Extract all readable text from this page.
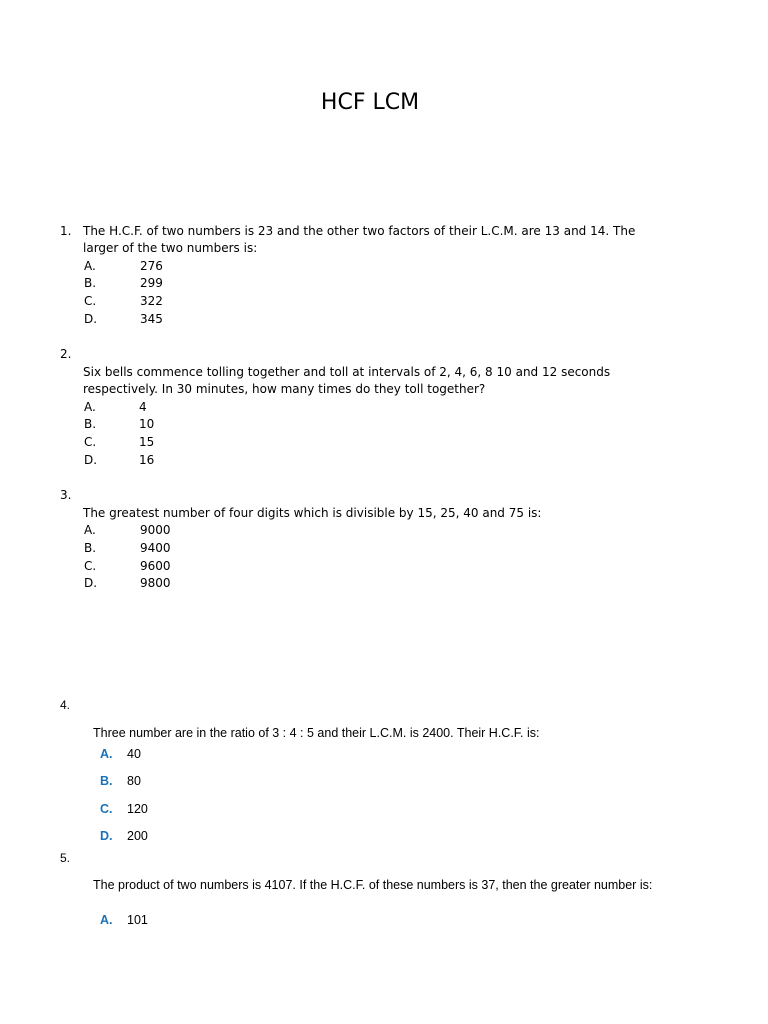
HCF LCM
1. The H.C.F. of two numbers is 23 and the other two factors of their L.C.M. are 13 and 14. The larger of the two numbers is:
A.	276
B.	299
C.	322
D.	345
2.
Six bells commence tolling together and toll at intervals of 2, 4, 6, 8 10 and 12 seconds respectively. In 30 minutes, how many times do they toll together?
A.	4
B.	10
C.	15
D.	16
3.
The greatest number of four digits which is divisible by 15, 25, 40 and 75 is:
A.	9000
B.	9400
C.	9600
D.	9800
4.
Three number are in the ratio of 3 : 4 : 5 and their L.C.M. is 2400. Their H.C.F. is:
A. 40
B. 80
C. 120
D. 200
5.
The product of two numbers is 4107. If the H.C.F. of these numbers is 37, then the greater number is:
A. 101
